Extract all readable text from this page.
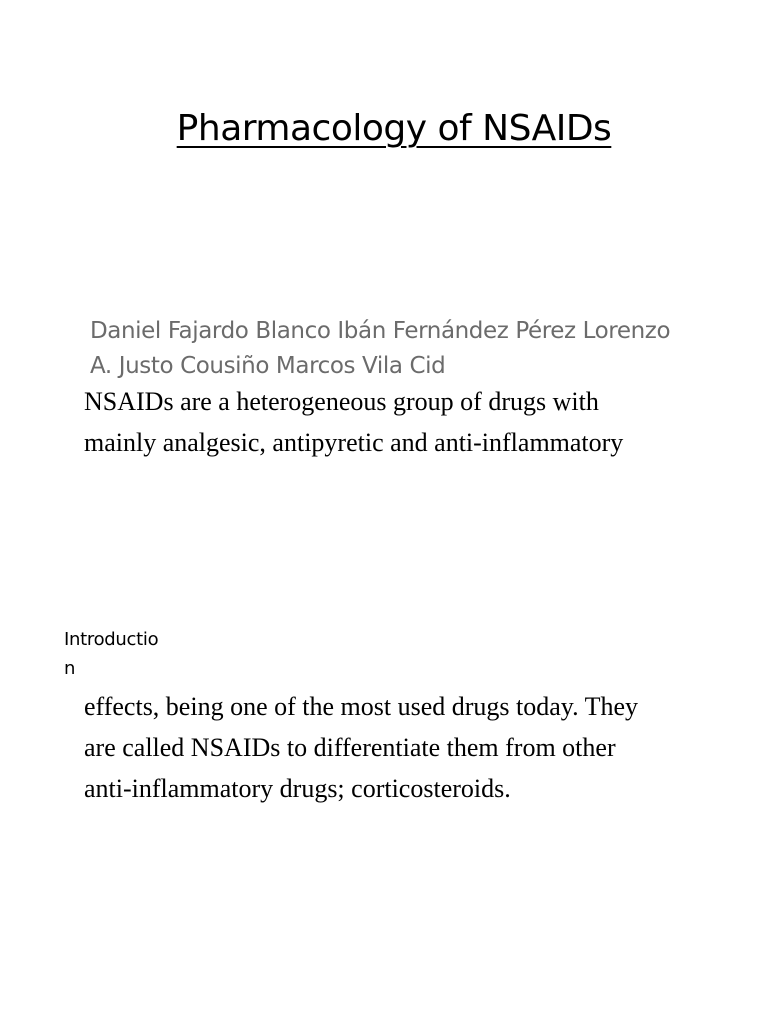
Pharmacology of NSAIDs
Daniel Fajardo Blanco Ibán Fernández Pérez Lorenzo
A. Justo Cousiño Marcos Vila Cid
NSAIDs are a heterogeneous group of drugs with
mainly analgesic, antipyretic and anti-inflammatory
Introductio
n
effects, being one of the most used drugs today. They
are called NSAIDs to differentiate them from other
anti-inflammatory drugs; corticosteroids.
